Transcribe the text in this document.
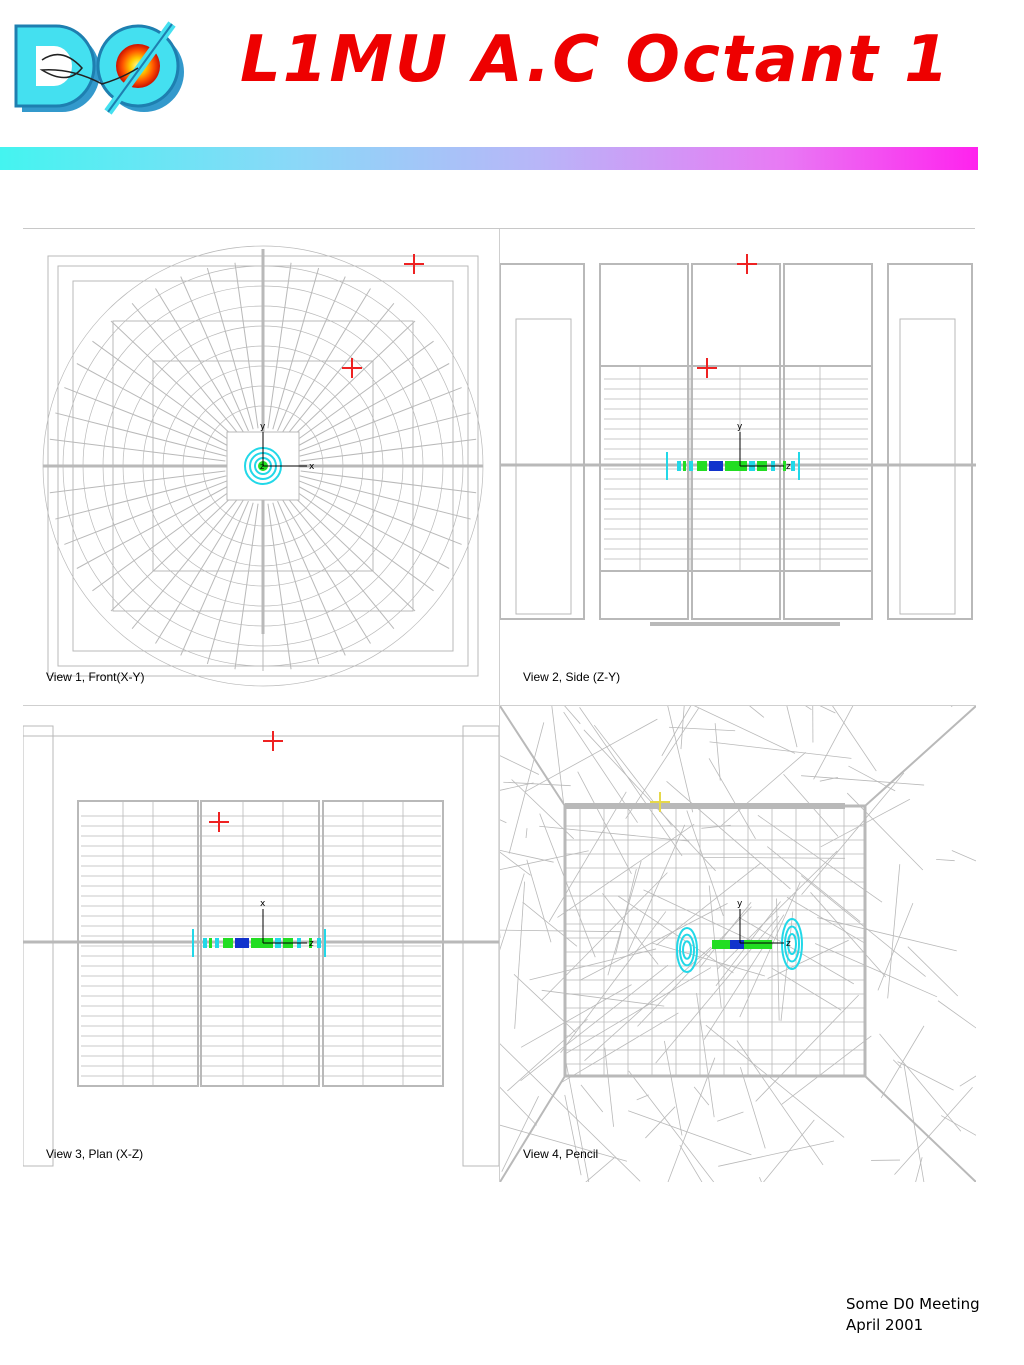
DØ
L1MU A.C Octant 1
y
x
z
View 1, Front(X-Y)
y
z
View 2, Side (Z-Y)
x
z
View 3, Plan (X-Z)
y
z
View 4, Pencil
Some D0 Meeting
April 2001
